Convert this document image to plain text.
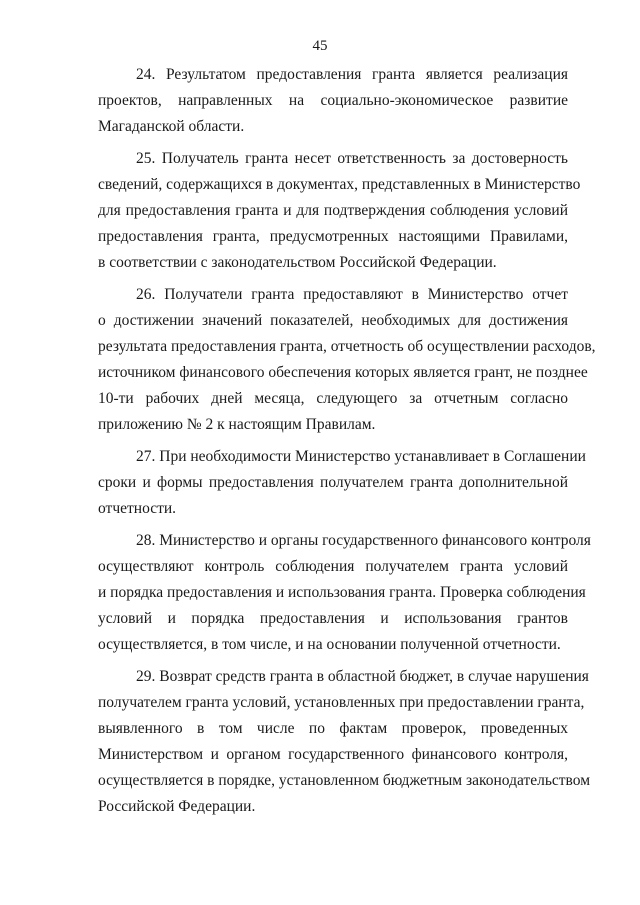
45

24. Результатом предоставления гранта является реализация
проектов, направленных на социально-экономическое развитие
Магаданской области.

25. Получатель гранта несет ответственность за достоверность
сведений, содержащихся в документах, представленных в Министерство
для предоставления гранта и для подтверждения соблюдения условий
предоставления гранта, предусмотренных настоящими Правилами,
в соответствии с законодательством Российской Федерации.

26. Получатели гранта предоставляют в Министерство отчет
о достижении значений показателей, необходимых для достижения
результата предоставления гранта, отчетность об осуществлении расходов,
источником финансового обеспечения которых является грант, не позднее
10-ти рабочих дней месяца, следующего за отчетным согласно
приложению № 2 к настоящим Правилам.

27. При необходимости Министерство устанавливает в Соглашении
сроки и формы предоставления получателем гранта дополнительной
отчетности.

28. Министерство и органы государственного финансового контроля
осуществляют контроль соблюдения получателем гранта условий
и порядка предоставления и использования гранта. Проверка соблюдения
условий и порядка предоставления и использования грантов
осуществляется, в том числе, и на основании полученной отчетности.

29. Возврат средств гранта в областной бюджет, в случае нарушения
получателем гранта условий, установленных при предоставлении гранта,
выявленного в том числе по фактам проверок, проведенных
Министерством и органом государственного финансового контроля,
осуществляется в порядке, установленном бюджетным законодательством
Российской Федерации.
